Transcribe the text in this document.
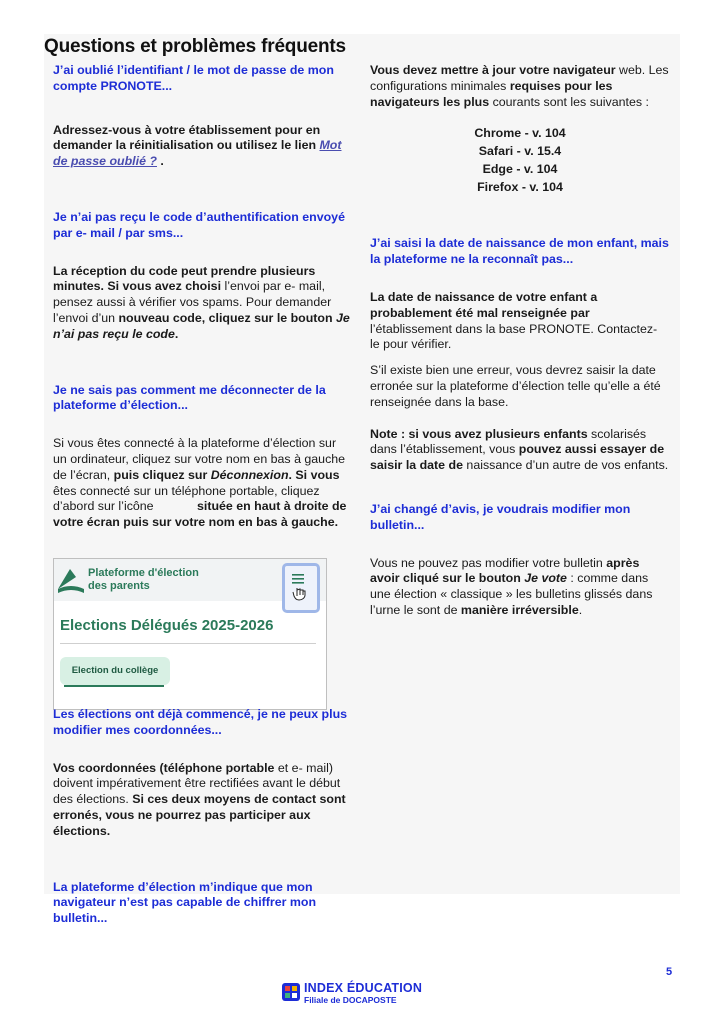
Questions et problèmes fréquents

J’ai oublié l’identifiant / le mot de passe de mon compte PRONOTE...

Adressez-vous à votre établissement pour en demander la réinitialisation ou utilisez le lien Mot de passe oublié ? .

Je n’ai pas reçu le code d’authentification envoyé par e- mail / par sms...

La réception du code peut prendre plusieurs minutes. Si vous avez choisi l’envoi par e- mail, pensez aussi à vérifier vos spams. Pour demander l’envoi d’un nouveau code, cliquez sur le bouton Je n’ai pas reçu le code.

Je ne sais pas comment me déconnecter de la plateforme d’élection...

Si vous êtes connecté à la plateforme d’élection sur un ordinateur, cliquez sur votre nom en bas à gauche de l’écran, puis cliquez sur Déconnexion. Si vous êtes connecté sur un téléphone portable, cliquez d’abord sur l’icône	située en haut à droite de votre écran puis sur votre nom en bas à gauche.

Plateforme d'élection
des parents
Elections Délégués 2025-2026
Election du collège

Les élections ont déjà commencé, je ne peux plus modifier mes coordonnées...

Vos coordonnées (téléphone portable et e- mail) doivent impérativement être rectifiées avant le début des élections. Si ces deux moyens de contact sont erronés, vous ne pourrez pas participer aux élections.

La plateforme d’élection m’indique que mon navigateur n’est pas capable de chiffrer mon bulletin...

Vous devez mettre à jour votre navigateur web. Les configurations minimales requises pour les navigateurs les plus courants sont les suivantes :

Chrome - v. 104
Safari - v. 15.4
Edge - v. 104
Firefox - v. 104

J’ai saisi la date de naissance de mon enfant, mais la plateforme ne la reconnaît pas...

La date de naissance de votre enfant a probablement été mal renseignée par l’établissement dans la base PRONOTE. Contactez- le pour vérifier.

S’il existe bien une erreur, vous devrez saisir la date erronée sur la plateforme d’élection telle qu’elle a été renseignée dans la base.

Note : si vous avez plusieurs enfants scolarisés dans l’établissement, vous pouvez aussi essayer de saisir la date de naissance d’un autre de vos enfants.

J’ai changé d’avis, je voudrais modifier mon bulletin...

Vous ne pouvez pas modifier votre bulletin après avoir cliqué sur le bouton Je vote : comme dans une élection « classique » les bulletins glissés dans l’urne le sont de manière irréversible.

5
INDEX ÉDUCATION
Filiale de DOCAPOSTE
